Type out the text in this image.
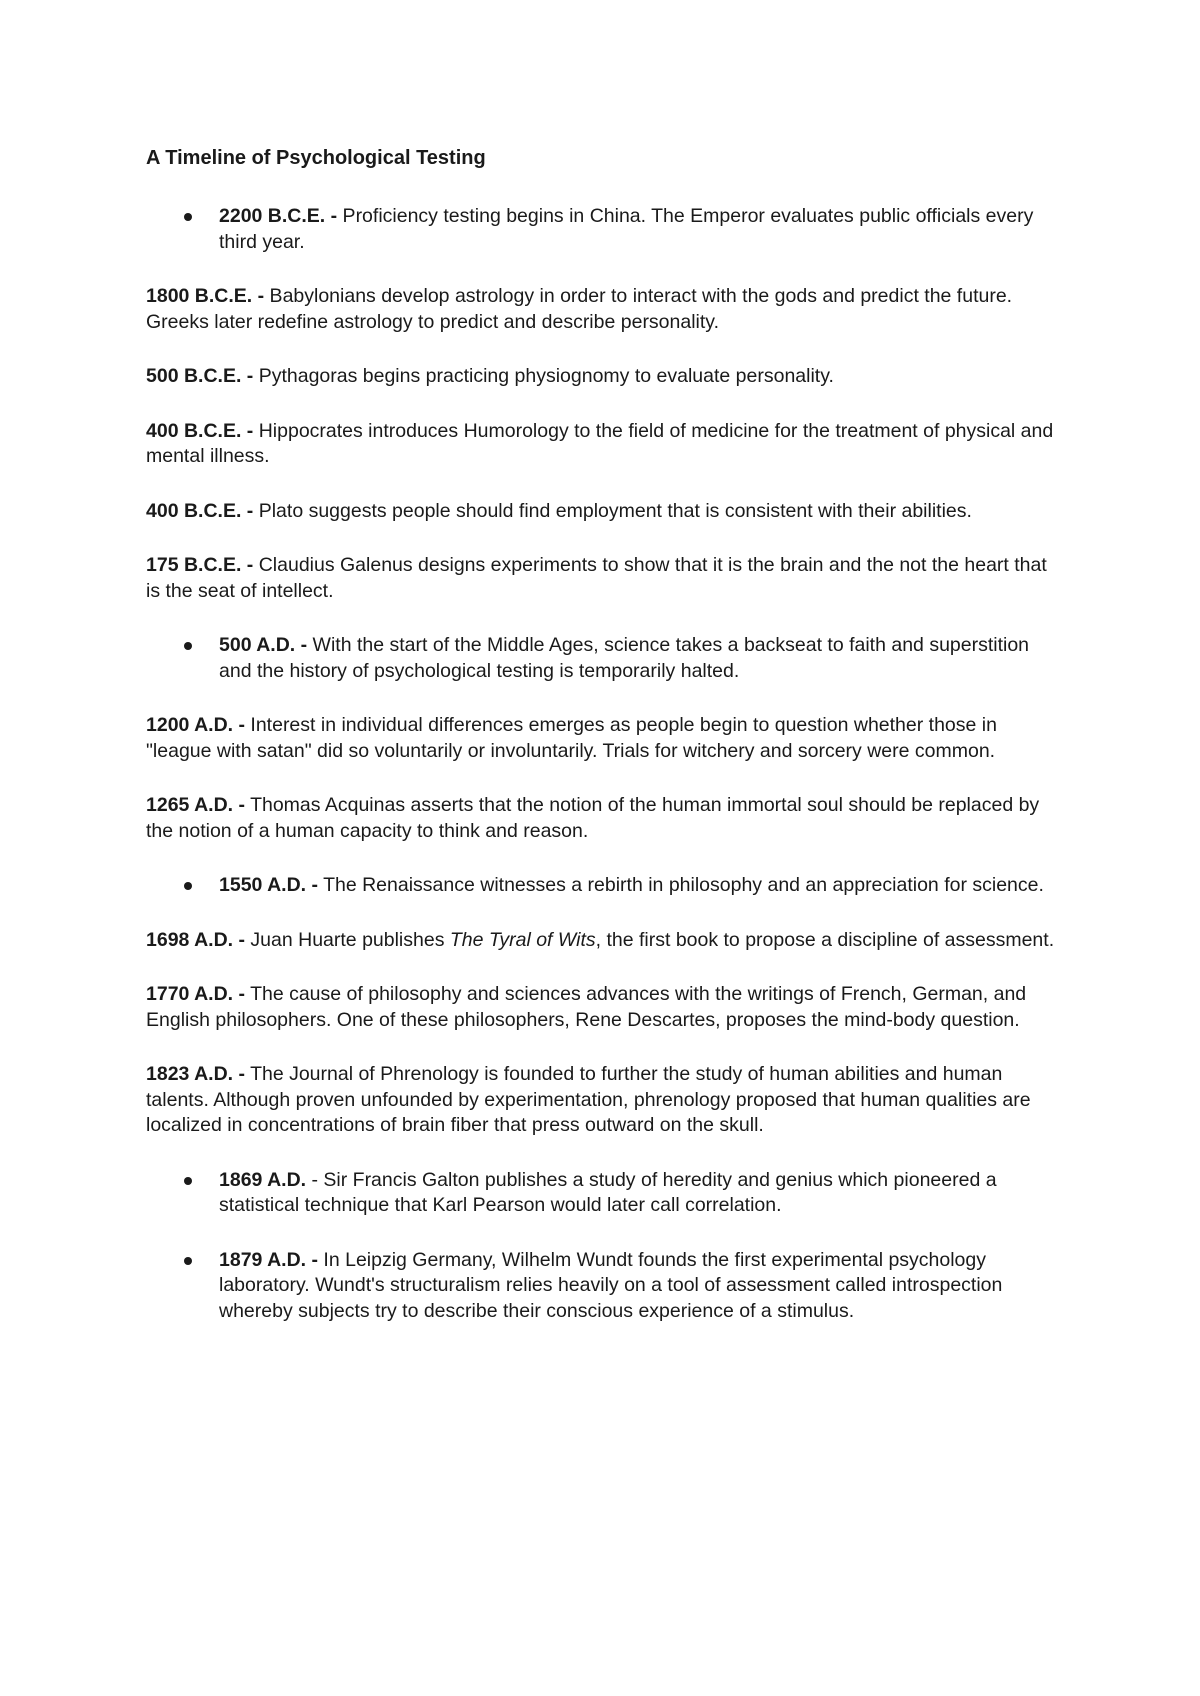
A Timeline of Psychological Testing
2200 B.C.E. - Proficiency testing begins in China. The Emperor evaluates public officials every third year.
1800 B.C.E. - Babylonians develop astrology in order to interact with the gods and predict the future. Greeks later redefine astrology to predict and describe personality.
500 B.C.E. - Pythagoras begins practicing physiognomy to evaluate personality.
400 B.C.E. - Hippocrates introduces Humorology to the field of medicine for the treatment of physical and mental illness.
400 B.C.E. - Plato suggests people should find employment that is consistent with their abilities.
175 B.C.E. - Claudius Galenus designs experiments to show that it is the brain and the not the heart that is the seat of intellect.
500 A.D. - With the start of the Middle Ages, science takes a backseat to faith and superstition and the history of psychological testing is temporarily halted.
1200 A.D. - Interest in individual differences emerges as people begin to question whether those in "league with satan" did so voluntarily or involuntarily. Trials for witchery and sorcery were common.
1265 A.D. - Thomas Acquinas asserts that the notion of the human immortal soul should be replaced by the notion of a human capacity to think and reason.
1550 A.D. - The Renaissance witnesses a rebirth in philosophy and an appreciation for science.
1698 A.D. - Juan Huarte publishes The Tyral of Wits, the first book to propose a discipline of assessment.
1770 A.D. - The cause of philosophy and sciences advances with the writings of French, German, and English philosophers. One of these philosophers, Rene Descartes, proposes the mind-body question.
1823 A.D. - The Journal of Phrenology is founded to further the study of human abilities and human talents. Although proven unfounded by experimentation, phrenology proposed that human qualities are localized in concentrations of brain fiber that press outward on the skull.
1869 A.D. - Sir Francis Galton publishes a study of heredity and genius which pioneered a statistical technique that Karl Pearson would later call correlation.
1879 A.D. - In Leipzig Germany, Wilhelm Wundt founds the first experimental psychology laboratory. Wundt's structuralism relies heavily on a tool of assessment called introspection whereby subjects try to describe their conscious experience of a stimulus.
